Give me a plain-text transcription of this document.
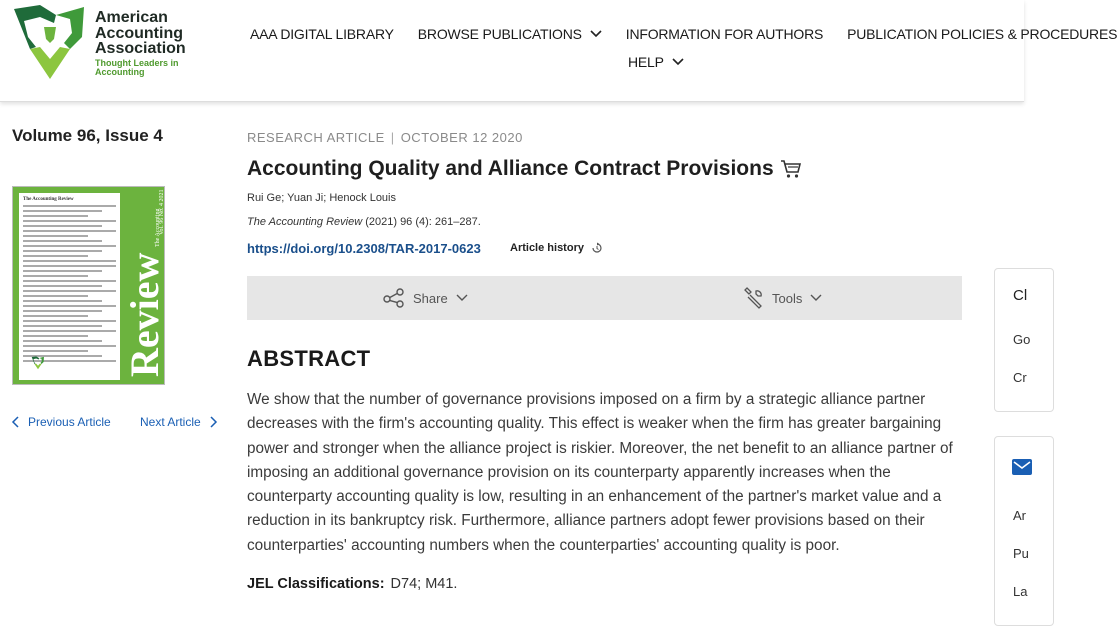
American
Accounting
Association
Thought Leaders in
Accounting
AAA DIGITAL LIBRARY BROWSE PUBLICATIONS	INFORMATION FOR AUTHORS PUBLICATION POLICIES & PROCEDURES
HELP
Volume 96, Issue 4
The Accounting Review
Review
The Accounting
Vol. 96 No. 4 2021
Previous Article Next Article
RESEARCH ARTICLE | OCTOBER 12 2020
Accounting Quality and Alliance Contract Provisions
Rui Ge; Yuan Ji; Henock Louis
The Accounting Review (2021) 96 (4): 261–287.
https://doi.org/10.2308/TAR-2017-0623	Article history
Share	Tools
ABSTRACT
We show that the number of governance provisions imposed on a firm by a strategic alliance partner decreases with the firm's accounting quality. This effect is weaker when the firm has greater bargaining power and stronger when the alliance project is riskier. Moreover, the net benefit to an alliance partner of imposing an additional governance provision on its counterparty apparently increases when the counterparty accounting quality is low, resulting in an enhancement of the partner's market value and a reduction in its bankruptcy risk. Furthermore, alliance partners adopt fewer provisions based on their counterparties' accounting numbers when the counterparties' accounting quality is poor.
JEL Classifications: D74; M41.
Cl
Go
Cr
Ar
Pu
La
